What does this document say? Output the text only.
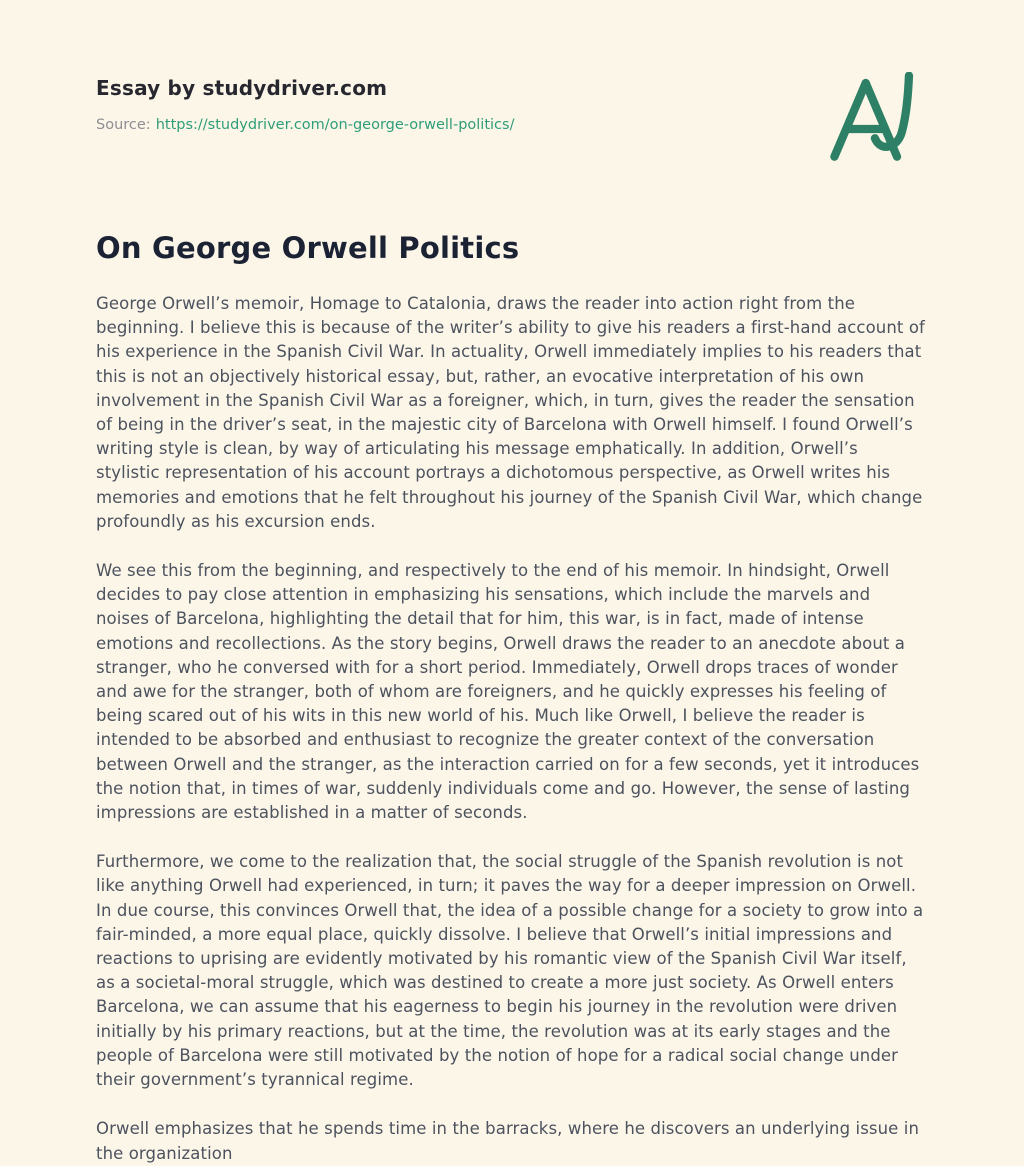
Essay by studydriver.com
Source: https://studydriver.com/on-george-orwell-politics/
On George Orwell Politics

George Orwell’s memoir, Homage to Catalonia, draws the reader into action right from the beginning. I believe this is because of the writer’s ability to give his readers a first-hand account of his experience in the Spanish Civil War. In actuality, Orwell immediately implies to his readers that this is not an objectively historical essay, but, rather, an evocative interpretation of his own involvement in the Spanish Civil War as a foreigner, which, in turn, gives the reader the sensation of being in the driver’s seat, in the majestic city of Barcelona with Orwell himself. I found Orwell’s writing style is clean, by way of articulating his message emphatically. In addition, Orwell’s stylistic representation of his account portrays a dichotomous perspective, as Orwell writes his memories and emotions that he felt throughout his journey of the Spanish Civil War, which change profoundly as his excursion ends.

We see this from the beginning, and respectively to the end of his memoir. In hindsight, Orwell decides to pay close attention in emphasizing his sensations, which include the marvels and noises of Barcelona, highlighting the detail that for him, this war, is in fact, made of intense emotions and recollections. As the story begins, Orwell draws the reader to an anecdote about a stranger, who he conversed with for a short period. Immediately, Orwell drops traces of wonder and awe for the stranger, both of whom are foreigners, and he quickly expresses his feeling of being scared out of his wits in this new world of his. Much like Orwell, I believe the reader is intended to be absorbed and enthusiast to recognize the greater context of the conversation between Orwell and the stranger, as the interaction carried on for a few seconds, yet it introduces the notion that, in times of war, suddenly individuals come and go. However, the sense of lasting impressions are established in a matter of seconds.

Furthermore, we come to the realization that, the social struggle of the Spanish revolution is not like anything Orwell had experienced, in turn; it paves the way for a deeper impression on Orwell. In due course, this convinces Orwell that, the idea of a possible change for a society to grow into a fair-minded, a more equal place, quickly dissolve. I believe that Orwell’s initial impressions and reactions to uprising are evidently motivated by his romantic view of the Spanish Civil War itself, as a societal-moral struggle, which was destined to create a more just society. As Orwell enters Barcelona, we can assume that his eagerness to begin his journey in the revolution were driven initially by his primary reactions, but at the time, the revolution was at its early stages and the people of Barcelona were still motivated by the notion of hope for a radical social change under their government’s tyrannical regime.

Orwell emphasizes that he spends time in the barracks, where he discovers an underlying issue in the organization
